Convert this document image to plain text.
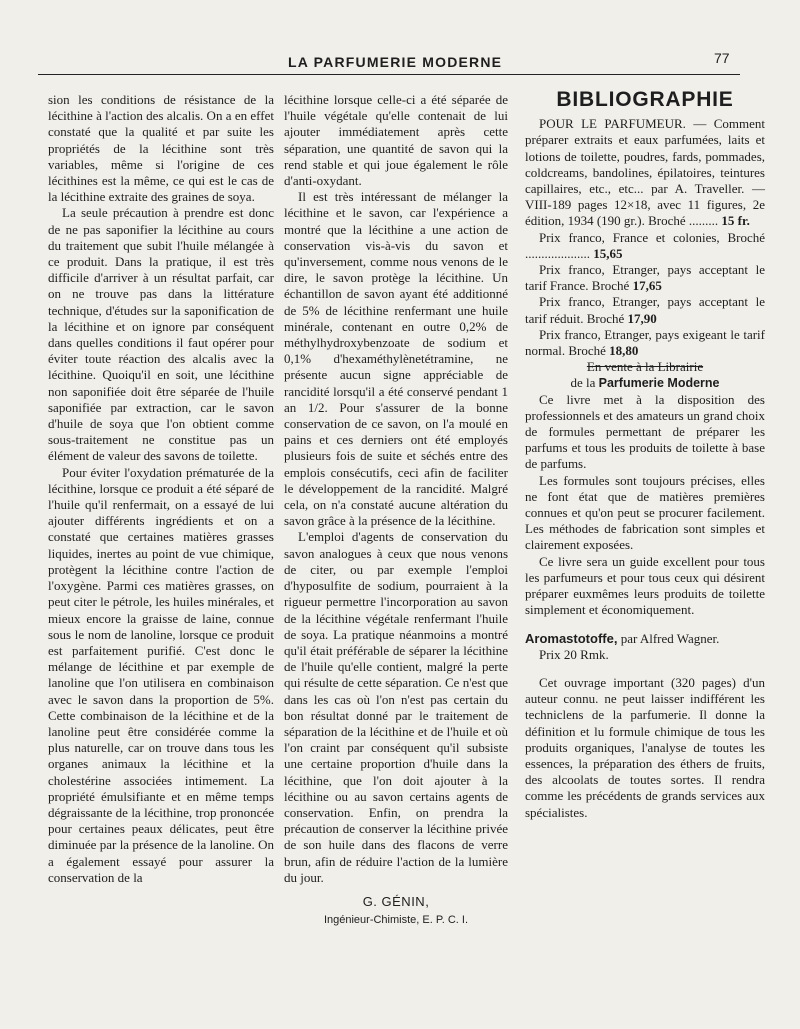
LA PARFUMERIE MODERNE	77

sion les conditions de résistance de la lécithine à l'action des alcalis. On a en effet constaté que la qualité et par suite les propriétés de la lécithine sont très variables, même si l'origine de ces lécithines est la même, ce qui est le cas de la lécithine extraite des graines de soya.

La seule précaution à prendre est donc de ne pas saponifier la lécithine au cours du traitement que subit l'huile mélangée à ce produit. Dans la pratique, il est très difficile d'arriver à un résultat parfait, car on ne trouve pas dans la littérature technique, d'études sur la saponification de la lécithine et on ignore par conséquent dans quelles conditions il faut opérer pour éviter toute réaction des alcalis avec la lécithine. Quoiqu'il en soit, une lécithine non saponifiée doit être séparée de l'huile saponifiée par extraction, car le savon d'huile de soya que l'on obtient comme sous-traitement ne constitue pas un élément de valeur des savons de toilette.

Pour éviter l'oxydation prématurée de la lécithine, lorsque ce produit a été séparé de l'huile qu'il renfermait, on a essayé de lui ajouter différents ingrédients et on a constaté que certaines matières grasses liquides, inertes au point de vue chimique, protègent la lécithine contre l'action de l'oxygène. Parmi ces matières grasses, on peut citer le pétrole, les huiles minérales, et mieux encore la graisse de laine, connue sous le nom de lanoline, lorsque ce produit est parfaitement purifié. C'est donc le mélange de lécithine et par exemple de lanoline que l'on utilisera en combinaison avec le savon dans la proportion de 5%. Cette combinaison de la lécithine et de la lanoline peut être considérée comme la plus naturelle, car on trouve dans tous les organes animaux la lécithine et la cholestérine associées intimement. La propriété émulsifiante et en même temps dégraissante de la lécithine, trop prononcée pour certaines peaux délicates, peut être diminuée par la présence de la lanoline. On a également essayé pour assurer la conservation de la

lécithine lorsque celle-ci a été séparée de l'huile végétale qu'elle contenait de lui ajouter immédiatement après cette séparation, une quantité de savon qui la rend stable et qui joue également le rôle d'anti-oxydant.

Il est très intéressant de mélanger la lécithine et le savon, car l'expérience a montré que la lécithine a une action de conservation vis-à-vis du savon et qu'inversement, comme nous venons de le dire, le savon protège la lécithine. Un échantillon de savon ayant été additionné de 5% de lécithine renfermant une huile minérale, contenant en outre 0,2% de méthylhydroxybenzoate de sodium et 0,1% d'hexaméthylènetétramine, ne présente aucun signe appréciable de rancidité lorsqu'il a été conservé pendant 1 an 1/2. Pour s'assurer de la bonne conservation de ce savon, on l'a moulé en pains et ces derniers ont été employés plusieurs fois de suite et séchés entre des emplois consécutifs, ceci afin de faciliter le développement de la rancidité. Malgré cela, on n'a constaté aucune altération du savon grâce à la présence de la lécithine.

L'emploi d'agents de conservation du savon analogues à ceux que nous venons de citer, ou par exemple l'emploi d'hyposulfite de sodium, pourraient à la rigueur permettre l'incorporation au savon de la lécithine végétale renfermant l'huile de soya. La pratique néanmoins a montré qu'il était préférable de séparer la lécithine de l'huile qu'elle contient, malgré la perte qui résulte de cette séparation. Ce n'est que dans les cas où l'on n'est pas certain du bon résultat donné par le traitement de séparation de la lécithine et de l'huile et où l'on craint par conséquent qu'il subsiste une certaine proportion d'huile dans la lécithine, que l'on doit ajouter à la lécithine ou au savon certains agents de conservation. Enfin, on prendra la précaution de conserver la lécithine privée de son huile dans des flacons de verre brun, afin de réduire l'action de la lumière du jour.

G. GÉNIN,
Ingénieur-Chimiste, E. P. C. I.
BIBLIOGRAPHIE

POUR LE PARFUMEUR. — Comment préparer extraits et eaux parfumées, laits et lotions de toilette, poudres, fards, pommades, coldcreams, bandolines, épilatoires, teintures capillaires, etc., etc... par A. Traveller. — VIII-189 pages 12×18, avec 11 figures, 2e édition, 1934 (190 gr.). Broché ......... 15 fr.

Prix franco, France et colonies, Broché .................... 15,65

Prix franco, Etranger, pays acceptant le tarif France. Broché 17,65

Prix franco, Etranger, pays acceptant le tarif réduit. Broché 17,90

Prix franco, Etranger, pays exigeant le tarif normal. Broché 18,80

En vente à la Librairie

de la Parfumerie Moderne

Ce livre met à la disposition des professionnels et des amateurs un grand choix de formules permettant de préparer les parfums et tous les produits de toilette à base de parfums.

Les formules sont toujours précises, elles ne font état que de matières premières connues et qu'on peut se procurer facilement. Les méthodes de fabrication sont simples et clairement exposées.

Ce livre sera un guide excellent pour tous les parfumeurs et pour tous ceux qui désirent préparer euxmêmes leurs produits de toilette simplement et économiquement.

Aromastotoffe, par Alfred Wagner.
Prix 20 Rmk.

Cet ouvrage important (320 pages) d'un auteur connu. ne peut laisser indifférent les techniclens de la parfumerie. Il donne la définition et lu formule chimique de tous les produits organiques, l'analyse de toutes les essences, la préparation des éthers de fruits, des alcoolats de toutes sortes. Il rendra comme les précédents de grands services aux spécialistes.
